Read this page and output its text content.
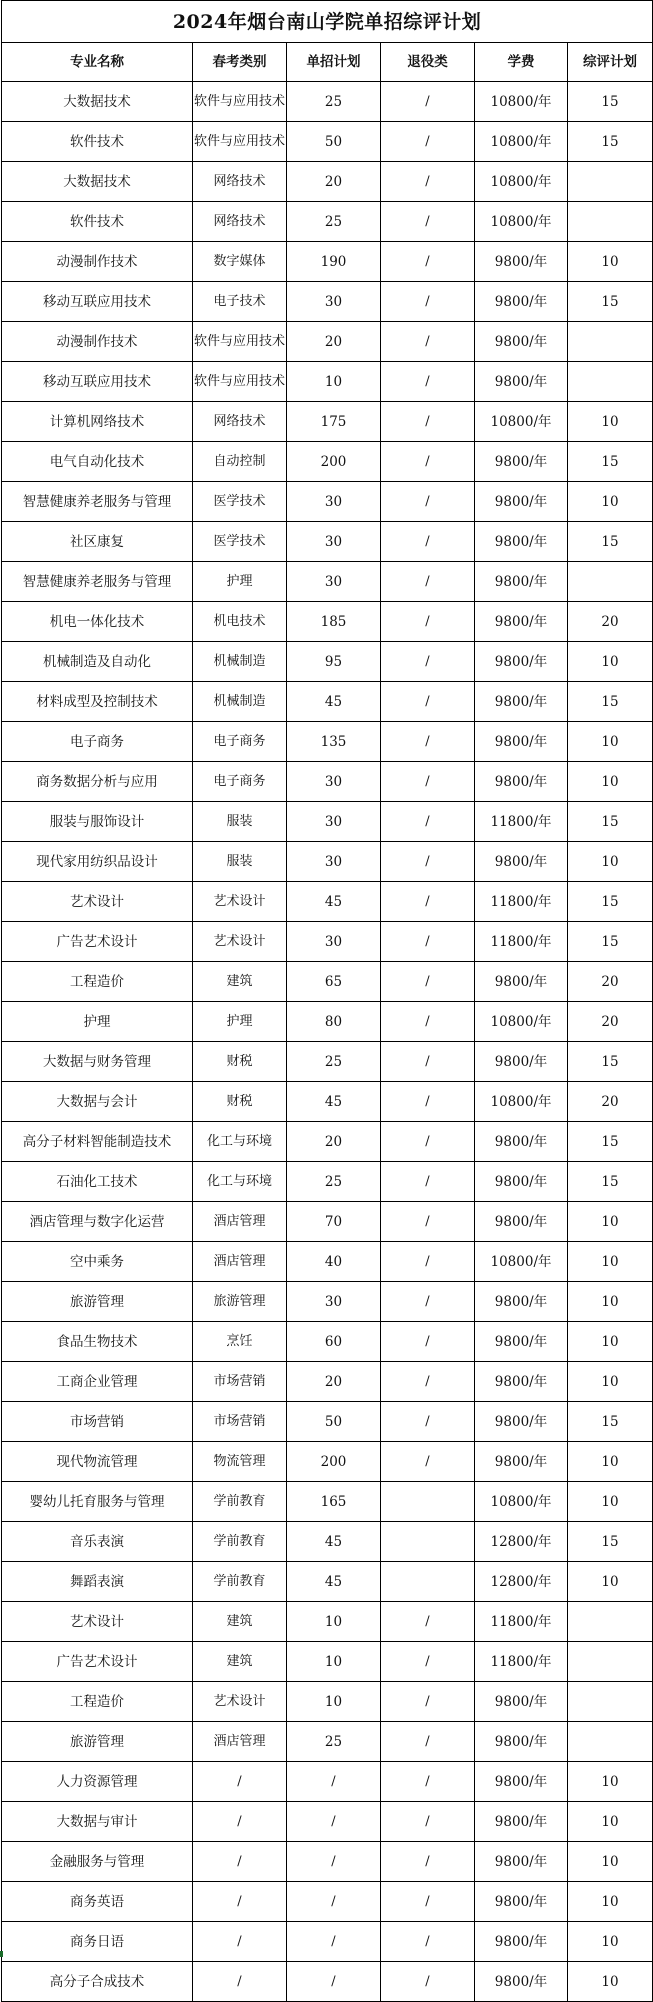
2024年烟台南山学院单招综评计划					
专业名称	春考类别	单招计划	退役类	学费	综评计划
大数据技术	软件与应用技术	25	/	10800/年	15
软件技术	软件与应用技术	50	/	10800/年	15
大数据技术	网络技术	20	/	10800/年	
软件技术	网络技术	25	/	10800/年	
动漫制作技术	数字媒体	190	/	9800/年	10
移动互联应用技术	电子技术	30	/	9800/年	15
动漫制作技术	软件与应用技术	20	/	9800/年	
移动互联应用技术	软件与应用技术	10	/	9800/年	
计算机网络技术	网络技术	175	/	10800/年	10
电气自动化技术	自动控制	200	/	9800/年	15
智慧健康养老服务与管理	医学技术	30	/	9800/年	10
社区康复	医学技术	30	/	9800/年	15
智慧健康养老服务与管理	护理	30	/	9800/年	
机电一体化技术	机电技术	185	/	9800/年	20
机械制造及自动化	机械制造	95	/	9800/年	10
材料成型及控制技术	机械制造	45	/	9800/年	15
电子商务	电子商务	135	/	9800/年	10
商务数据分析与应用	电子商务	30	/	9800/年	10
服装与服饰设计	服装	30	/	11800/年	15
现代家用纺织品设计	服装	30	/	9800/年	10
艺术设计	艺术设计	45	/	11800/年	15
广告艺术设计	艺术设计	30	/	11800/年	15
工程造价	建筑	65	/	9800/年	20
护理	护理	80	/	10800/年	20
大数据与财务管理	财税	25	/	9800/年	15
大数据与会计	财税	45	/	10800/年	20
高分子材料智能制造技术	化工与环境	20	/	9800/年	15
石油化工技术	化工与环境	25	/	9800/年	15
酒店管理与数字化运营	酒店管理	70	/	9800/年	10
空中乘务	酒店管理	40	/	10800/年	10
旅游管理	旅游管理	30	/	9800/年	10
食品生物技术	烹饪	60	/	9800/年	10
工商企业管理	市场营销	20	/	9800/年	10
市场营销	市场营销	50	/	9800/年	15
现代物流管理	物流管理	200	/	9800/年	10
婴幼儿托育服务与管理	学前教育	165		10800/年	10
音乐表演	学前教育	45		12800/年	15
舞蹈表演	学前教育	45		12800/年	10
艺术设计	建筑	10	/	11800/年	
广告艺术设计	建筑	10	/	11800/年	
工程造价	艺术设计	10	/	9800/年	
旅游管理	酒店管理	25	/	9800/年	
人力资源管理	/	/	/	9800/年	10
大数据与审计	/	/	/	9800/年	10
金融服务与管理	/	/	/	9800/年	10
商务英语	/	/	/	9800/年	10
商务日语	/	/	/	9800/年	10
高分子合成技术	/	/	/	9800/年	10
